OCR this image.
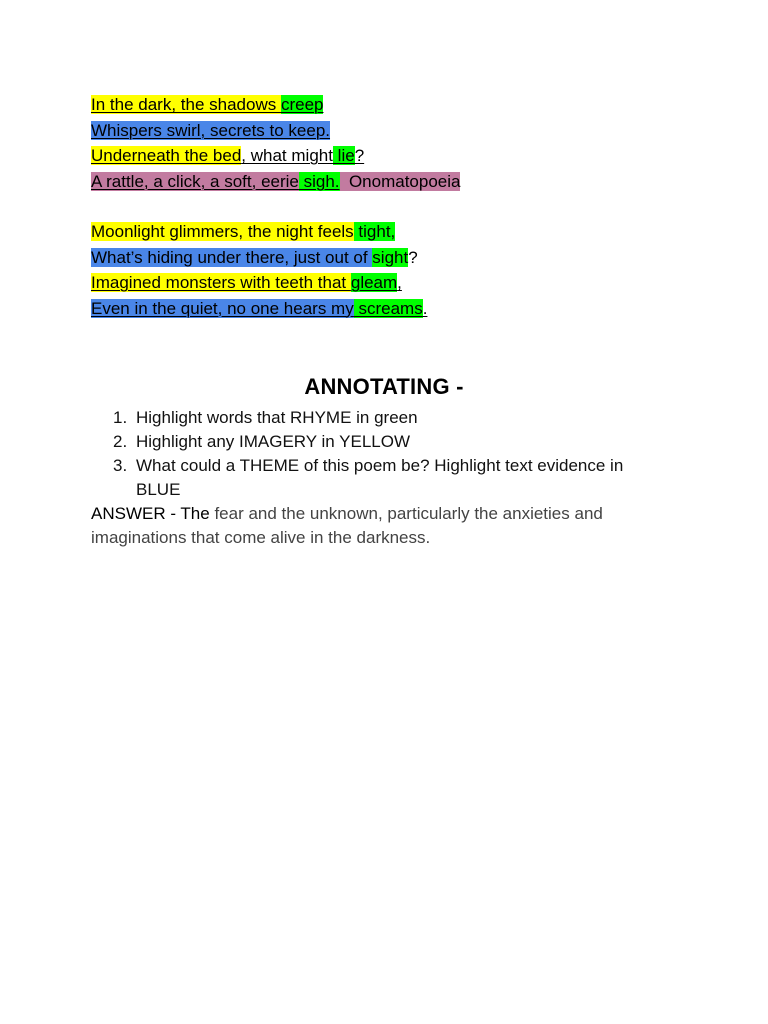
In the dark, the shadows creep
Whispers swirl, secrets to keep.
Underneath the bed, what might lie?
A rattle, a click, a soft, eerie sigh.  Onomatopoeia
Moonlight glimmers, the night feels tight,
What’s hiding under there, just out of sight?
Imagined monsters with teeth that gleam,
Even in the quiet, no one hears my screams.
ANNOTATING -
1. Highlight words that RHYME in green
2. Highlight any IMAGERY in YELLOW
3. What could a THEME of this poem be? Highlight text evidence in BLUE
ANSWER - The fear and the unknown, particularly the anxieties and imaginations that come alive in the darkness.
